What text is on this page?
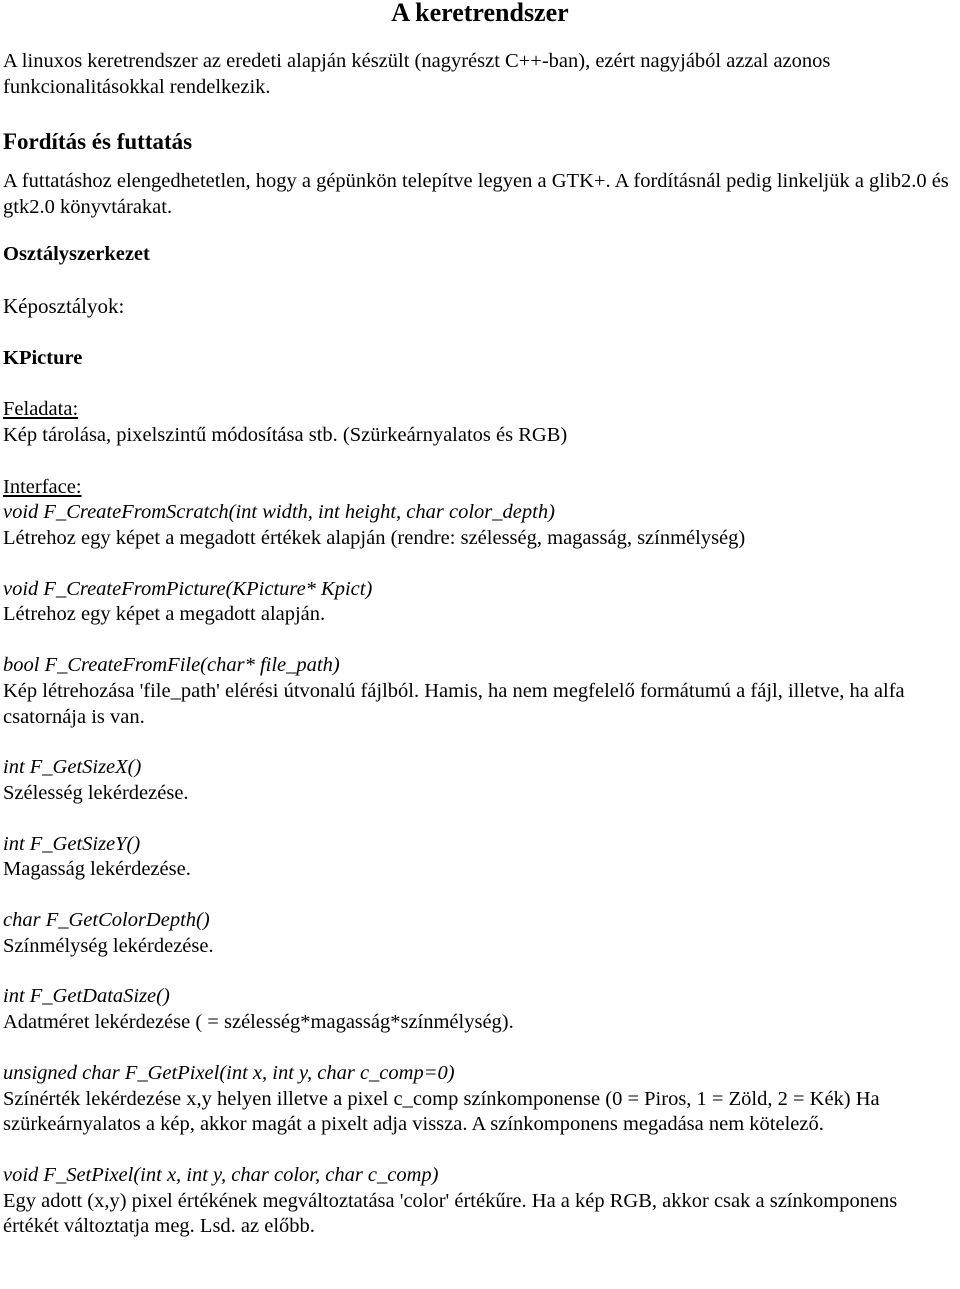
A keretrendszer

A linuxos keretrendszer az eredeti alapján készült (nagyrészt C++-ban), ezért nagyjából azzal azonos funkcionalitásokkal rendelkezik.

Fordítás és futtatás

A futtatáshoz elengedhetetlen, hogy a gépünkön telepítve legyen a GTK+. A fordításnál pedig linkeljük a glib2.0 és gtk2.0 könyvtárakat.

Osztályszerkezet

Képosztályok:

KPicture

Feladata:

Kép tárolása, pixelszintű módosítása stb. (Szürkeárnyalatos és RGB)

Interface:

void F_CreateFromScratch(int width, int height, char color_depth)

Létrehoz egy képet a megadott értékek alapján (rendre: szélesség, magasság, színmélység)

void F_CreateFromPicture(KPicture* Kpict)

Létrehoz egy képet a megadott alapján.

bool F_CreateFromFile(char* file_path)

Kép létrehozása 'file_path' elérési útvonalú fájlból. Hamis, ha nem megfelelő formátumú a fájl, illetve, ha alfa csatornája is van.

int F_GetSizeX()

Szélesség lekérdezése.

int F_GetSizeY()

Magasság lekérdezése.

char F_GetColorDepth()

Színmélység lekérdezése.

int F_GetDataSize()

Adatméret lekérdezése ( = szélesség*magasság*színmélység).

unsigned char F_GetPixel(int x, int y, char c_comp=0)

Színérték lekérdezése x,y helyen illetve a pixel c_comp színkomponense (0 = Piros, 1 = Zöld, 2 = Kék) Ha szürkeárnyalatos a kép, akkor magát a pixelt adja vissza. A színkomponens megadása nem kötelező.

void F_SetPixel(int x, int y, char color, char c_comp)

Egy adott (x,y) pixel értékének megváltoztatása 'color' értékűre. Ha a kép RGB, akkor csak a színkomponens értékét változtatja meg. Lsd. az előbb.
